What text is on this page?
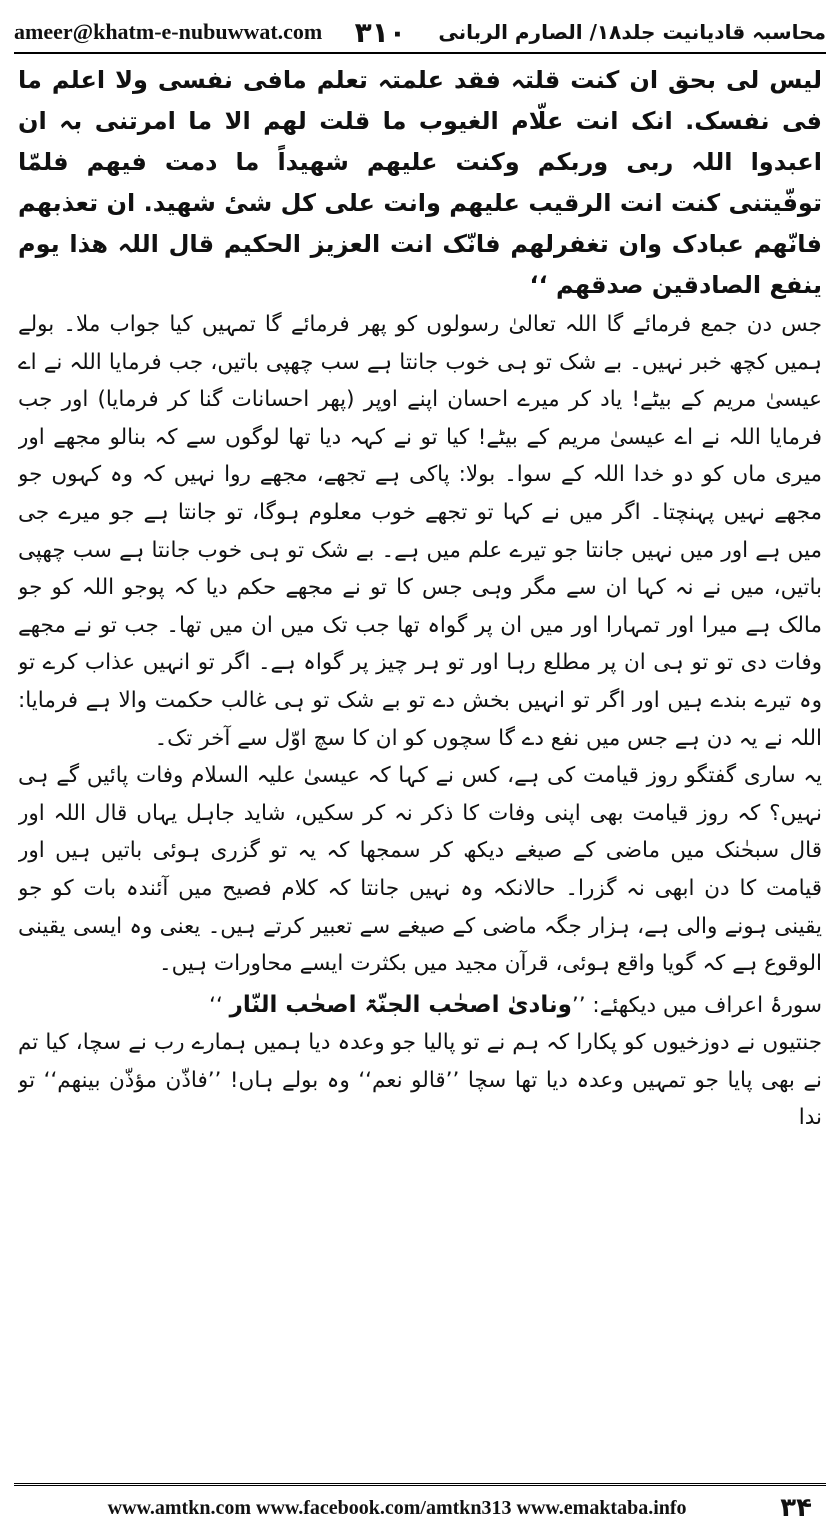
ameer@khatm-e-nubuwwat.com ۳۱۰ محاسبہ قادیانیت جلد۱۸/ الصارم الربانی

لیس لی بحق ان کنت قلتہ فقد علمتہ تعلم مافی نفسی ولا اعلم ما فی نفسک. انک انت علّام الغیوب ما قلت لھم الا ما امرتنی بہ ان اعبدوا اللہ ربی وربکم وکنت علیھم شھیداً ما دمت فیھم فلمّا توفّیتنی کنت انت الرقیب علیھم وانت علی کل شیٔ شھید. ان تعذبھم فانّھم عبادک وان تغفرلھم فانّک انت العزیز الحکیم قال اللہ ھذا یوم ینفع الصادقین صدقھم ‘‘

جس دن جمع فرمائے گا اللہ تعالیٰ رسولوں کو پھر فرمائے گا تمہیں کیا جواب ملا۔ بولے ہمیں کچھ خبر نہیں۔ بے شک تو ہی خوب جانتا ہے سب چھپی باتیں، جب فرمایا اللہ نے اے عیسیٰ مریم کے بیٹے! یاد کر میرے احسان اپنے اوپر (پھر احسانات گنا کر فرمایا) اور جب فرمایا اللہ نے اے عیسیٰ مریم کے بیٹے! کیا تو نے کہہ دیا تھا لوگوں سے کہ بنالو مجھے اور میری ماں کو دو خدا اللہ کے سوا۔ بولا: پاکی ہے تجھے، مجھے روا نہیں کہ وہ کہوں جو مجھے نہیں پہنچتا۔ اگر میں نے کہا تو تجھے خوب معلوم ہوگا، تو جانتا ہے جو میرے جی میں ہے اور میں نہیں جانتا جو تیرے علم میں ہے۔ بے شک تو ہی خوب جانتا ہے سب چھپی باتیں، میں نے نہ کہا ان سے مگر وہی جس کا تو نے مجھے حکم دیا کہ پوجو اللہ کو جو مالک ہے میرا اور تمہارا اور میں ان پر گواہ تھا جب تک میں ان میں تھا۔ جب تو نے مجھے وفات دی تو تو ہی ان پر مطلع رہا اور تو ہر چیز پر گواہ ہے۔ اگر تو انہیں عذاب کرے تو وہ تیرے بندے ہیں اور اگر تو انہیں بخش دے تو بے شک تو ہی غالب حکمت والا ہے فرمایا: اللہ نے یہ دن ہے جس میں نفع دے گا سچوں کو ان کا سچ اوّل سے آخر تک۔

یہ ساری گفتگو روز قیامت کی ہے، کس نے کہا کہ عیسیٰ علیہ السلام وفات پائیں گے ہی نہیں؟ کہ روز قیامت بھی اپنی وفات کا ذکر نہ کر سکیں، شاید جاہل یہاں قال اللہ اور قال سبحٰنک میں ماضی کے صیغے دیکھ کر سمجھا کہ یہ تو گزری ہوئی باتیں ہیں اور قیامت کا دن ابھی نہ گزرا۔ حالانکہ وہ نہیں جانتا کہ کلام فصیح میں آئندہ بات کو جو یقینی ہونے والی ہے، ہزار جگہ ماضی کے صیغے سے تعبیر کرتے ہیں۔ یعنی وہ ایسی یقینی الوقوع ہے کہ گویا واقع ہوئی، قرآن مجید میں بکثرت ایسے محاورات ہیں۔

سورۂ اعراف میں دیکھئے: ’’ونادیٰ اصحٰب الجنّۃ اصحٰب النّار ‘‘

جنتیوں نے دوزخیوں کو پکارا کہ ہم نے تو پالیا جو وعدہ دیا ہمیں ہمارے رب نے سچا، کیا تم نے بھی پایا جو تمہیں وعدہ دیا تھا سچا ’’قالو نعم‘‘ وہ بولے ہاں! ’’فاذّن مؤذّن بینھم‘‘ تو ندا

www.amtkn.com www.facebook.com/amtkn313 www.emaktaba.info	۳۴
